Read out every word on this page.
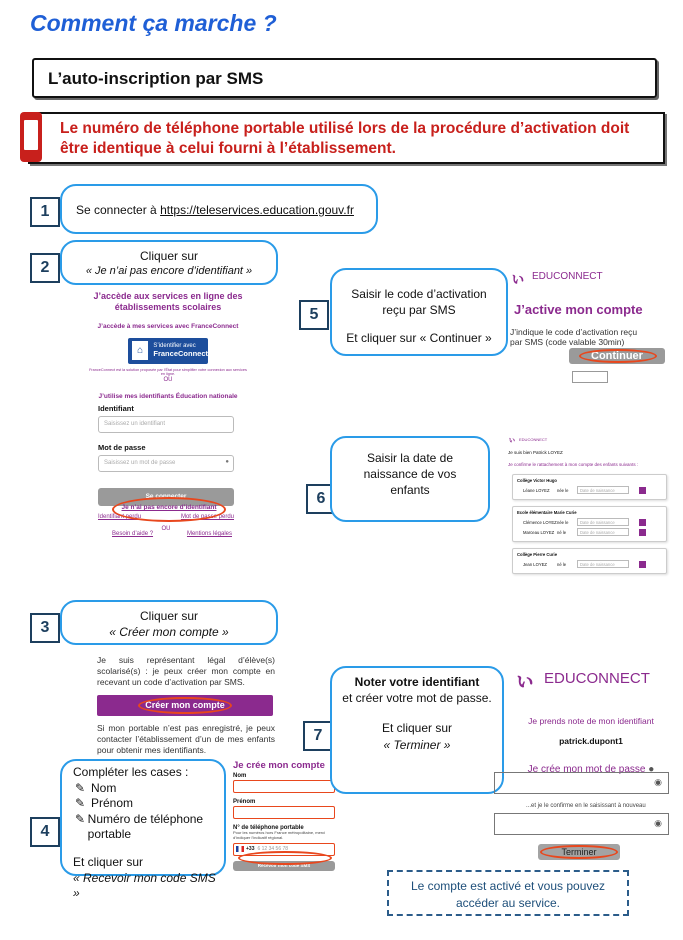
Comment ça marche ?
L’auto-inscription par SMS
Le numéro de téléphone portable utilisé lors de la procédure d’activation doit être identique à celui fourni à l’établissement.
1	Se connecter à https://teleservices.education.gouv.fr
2
Cliquer sur
« Je n’ai pas encore d’identifiant »
J’accède aux services en ligne des établissements scolaires
J’accède à mes services avec FranceConnect
⌂	S’identifier avec
FranceConnect
FranceConnect est la solution proposée par l’État pour simplifier votre connexion aux services en ligne.
OU
J’utilise mes identifiants Éducation nationale
Identifiant
Saisissez un identifiant
Mot de passe
Saisissez un mot de passe	●
Se connecter
Identifiant perdu	Mot de passe perdu
OU
Je n’ai pas encore d’identifiant
Besoin d’aide ?	Mentions légales
3
Cliquer sur
« Créer mon compte »
Je suis représentant légal d’élève(s) scolarisé(s) : je peux créer mon compte en recevant un code d’activation par SMS.
Créer mon compte
Si mon portable n’est pas enregistré, je peux contacter l’établissement d’un de mes enfants pour obtenir mes identifiants.
4
Compléter les cases :
✎ Nom
✎ Prénom
✎ Numéro de téléphone portable
Et cliquer sur
« Recevoir mon code SMS »
Je crée mon compte
Nom
Prénom
N° de téléphone portable
Pour les numéros hors France métropolitaine, merci d’indiquer l’indicatif régional.
+33 6 12 34 56 78
Recevoir mon code SMS
5
Saisir le code d’activation reçu par SMS
Et cliquer sur « Continuer »
ぃ EDUCONNECT
J’active mon compte
J’indique le code d’activation reçu
par SMS (code valable 30min)
Continuer
6
Saisir la date de naissance de vos enfants
ぃ EDUCONNECT
Je suis bien Patrick LOYEZ
Je confirme le rattachement à mon compte des enfants suivants :
Collège Victor Hugo
Léane LOYEZ	née le	Date de naissance
Ecole élémentaire Marie Curie
Clémence LOYEZ née le	Date de naissance
Marceau LOYEZ né le	Date de naissance
Collège Pierre Curie
Jean LOYEZ	né le	Date de naissance
7
Noter votre identifiant
et créer votre mot de passe.
Et cliquer sur
« Terminer »
ぃ EDUCONNECT
Je prends note de mon identifiant
patrick.dupont1
Je crée mon mot de passe ●
◉
...et je le confirme en le saisissant à nouveau
◉
Terminer
Le compte est activé et vous pouvez accéder au service.
